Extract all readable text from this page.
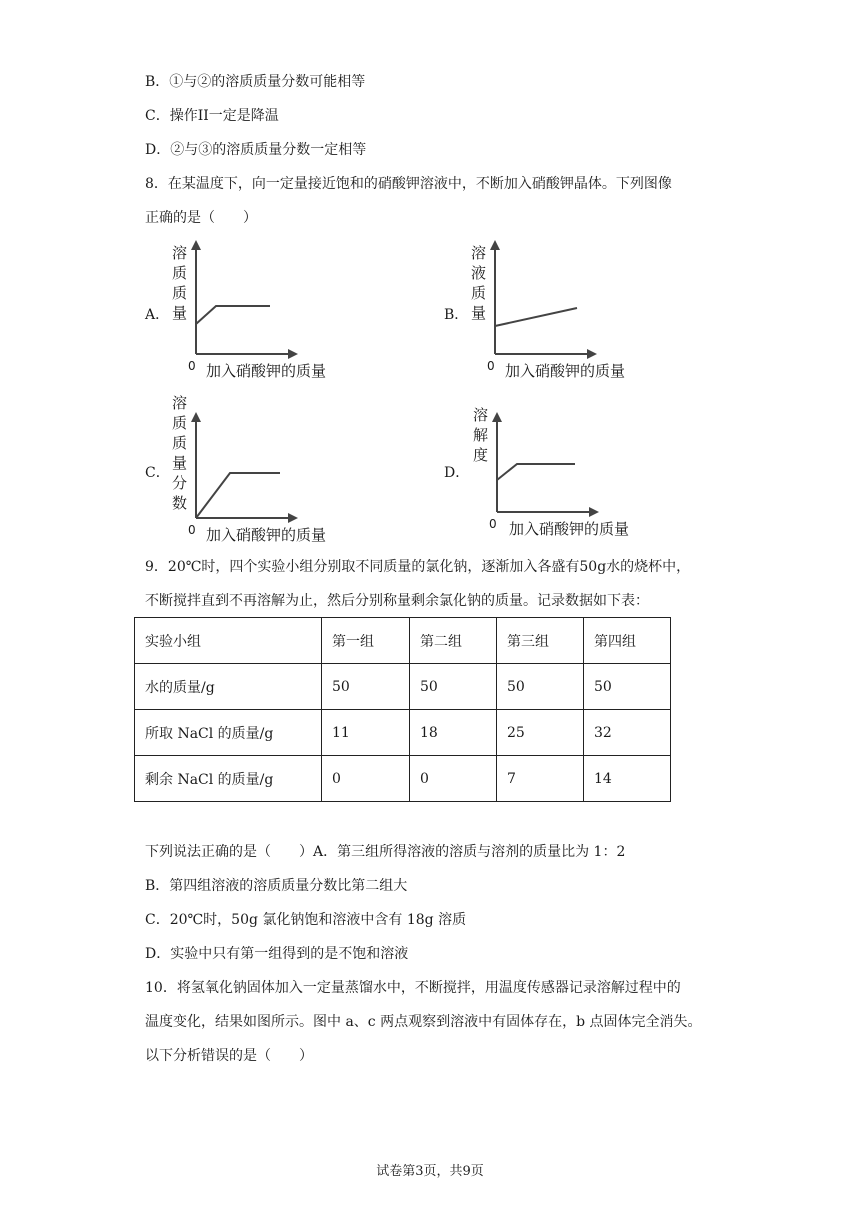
B．①与②的溶质质量分数可能相等
C．操作II一定是降温
D．②与③的溶质质量分数一定相等
8．在某温度下，向一定量接近饱和的硝酸钾溶液中，不断加入硝酸钾晶体。下列图像
正确的是（　　）
A．
溶
质
质
量
0 加入硝酸钾的质量
B．
溶
液
质
量
0 加入硝酸钾的质量
C．
溶
质
质
量
分
数
0 加入硝酸钾的质量
D．
溶
解
度
0 加入硝酸钾的质量
9．20℃时，四个实验小组分别取不同质量的氯化钠，逐渐加入各盛有50g水的烧杯中，
不断搅拌直到不再溶解为止，然后分别称量剩余氯化钠的质量。记录数据如下表：
实验小组	第一组	第二组	第三组	第四组
水的质量/g	50	50	50	50
所取 NaCl 的质量/g	11	18	25	32
剩余 NaCl 的质量/g	0	0	7	14
下列说法正确的是（　　）A．第三组所得溶液的溶质与溶剂的质量比为 1：2
B．第四组溶液的溶质质量分数比第二组大
C．20℃时，50g 氯化钠饱和溶液中含有 18g 溶质
D．实验中只有第一组得到的是不饱和溶液
10．将氢氧化钠固体加入一定量蒸馏水中，不断搅拌，用温度传感器记录溶解过程中的
温度变化，结果如图所示。图中 a、c 两点观察到溶液中有固体存在，b 点固体完全消失。
以下分析错误的是（　　）
试卷第3页，共9页
